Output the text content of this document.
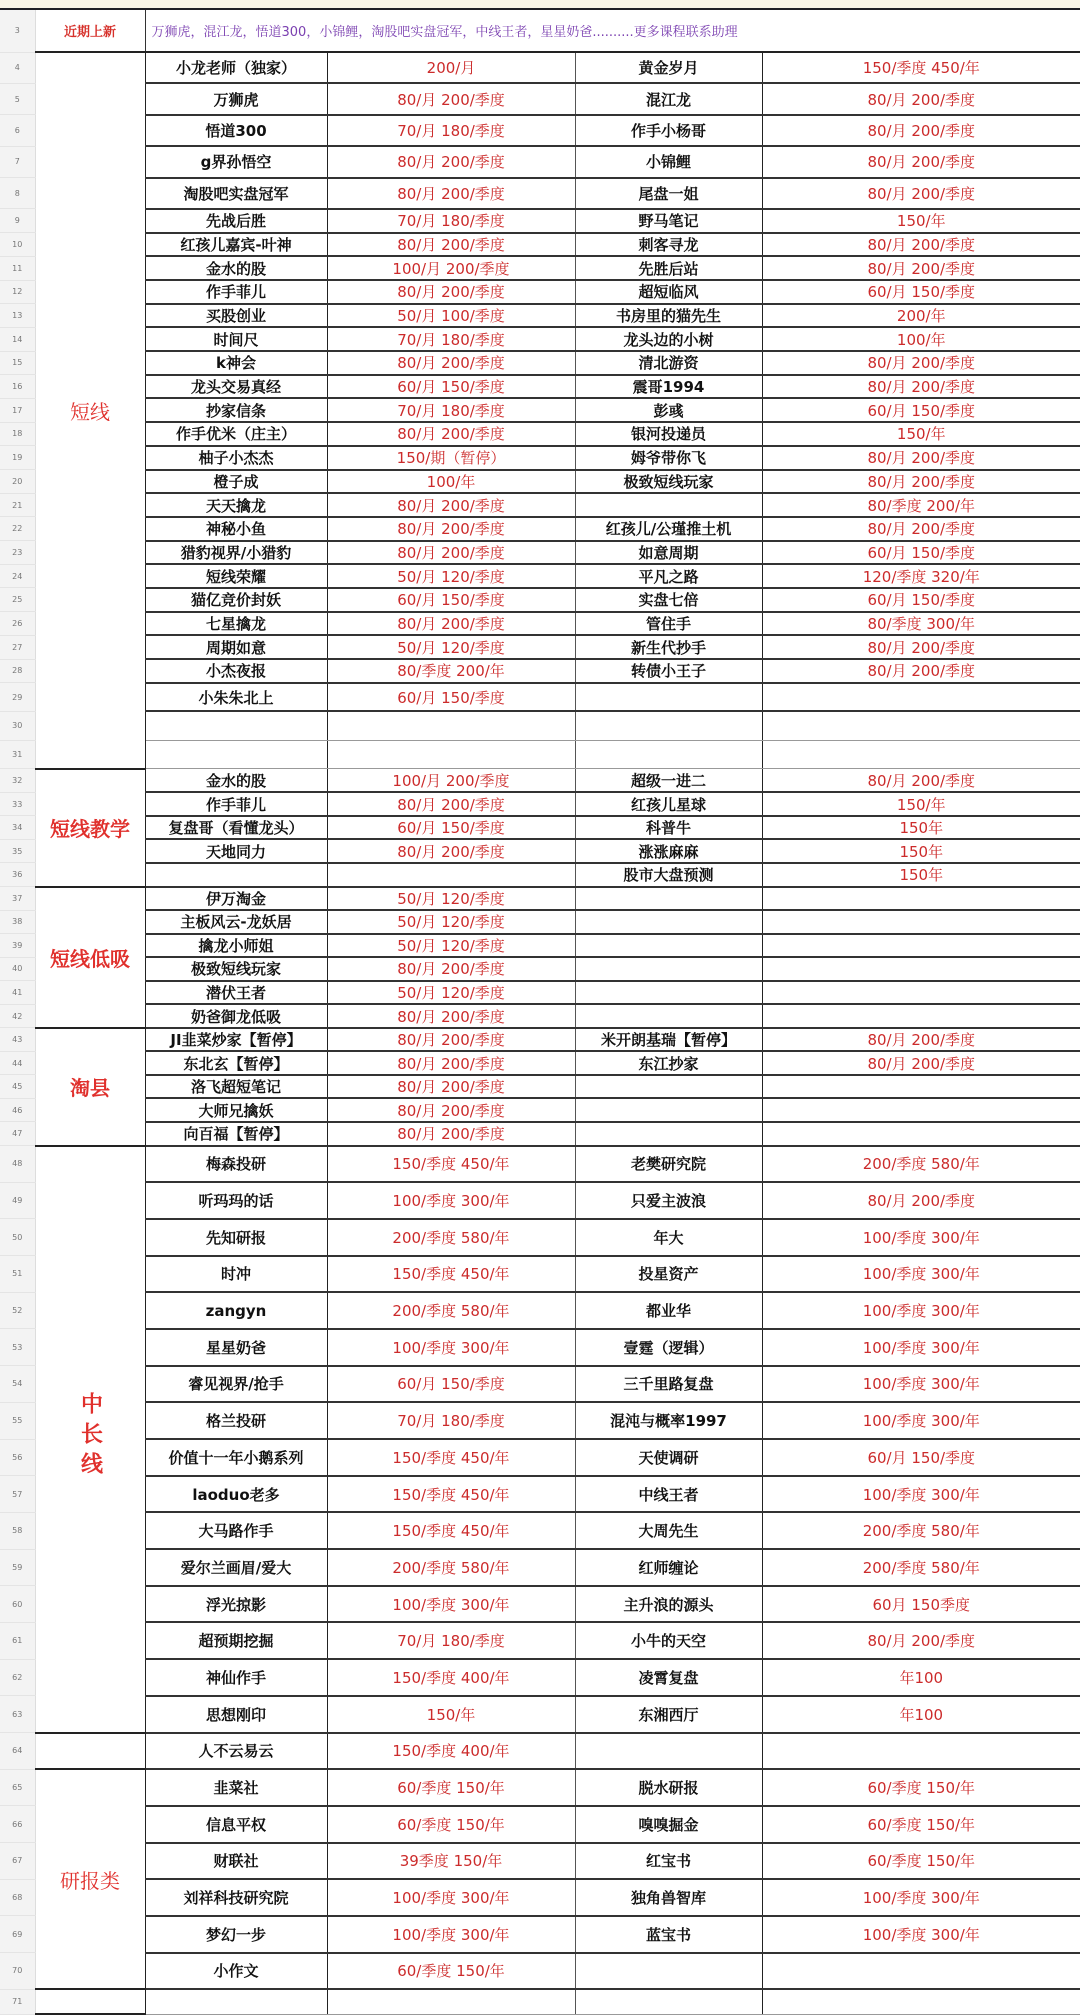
3	近期上新	万狮虎，混江龙，悟道300，小锦鲤，淘股吧实盘冠军，中线王者，星星奶爸..........更多课程联系助理			
4	短线	小龙老师（独家）	200/月	黄金岁月	150/季度 450/年
5		万狮虎	80/月 200/季度	混江龙	80/月 200/季度
6		悟道300	70/月 180/季度	作手小杨哥	80/月 200/季度
7		g界孙悟空	80/月 200/季度	小锦鲤	80/月 200/季度
8		淘股吧实盘冠军	80/月 200/季度	尾盘一姐	80/月 200/季度
9		先战后胜	70/月 180/季度	野马笔记	150/年
10		红孩儿嘉宾-叶神	80/月 200/季度	刺客寻龙	80/月 200/季度
11		金水的股	100/月 200/季度	先胜后站	80/月 200/季度
12		作手菲儿	80/月 200/季度	超短临风	60/月 150/季度
13		买股创业	50/月 100/季度	书房里的猫先生	200/年
14		时间尺	70/月 180/季度	龙头边的小树	100/年
15		k神会	80/月 200/季度	清北游资	80/月 200/季度
16		龙头交易真经	60/月 150/季度	震哥1994	80/月 200/季度
17		抄家信条	70/月 180/季度	彭彧	60/月 150/季度
18		作手优米（庄主）	80/月 200/季度	银河投递员	150/年
19		柚子小杰杰	150/期（暂停）	姆爷带你飞	80/月 200/季度
20		橙子成	100/年	极致短线玩家	80/月 200/季度
21		天天擒龙	80/月 200/季度		80/季度 200/年
22		神秘小鱼	80/月 200/季度	红孩儿/公瑾推土机	80/月 200/季度
23		猎豹视界/小猎豹	80/月 200/季度	如意周期	60/月 150/季度
24		短线荣耀	50/月 120/季度	平凡之路	120/季度 320/年
25		猫亿竞价封妖	60/月 150/季度	实盘七倍	60/月 150/季度
26		七星擒龙	80/月 200/季度	管住手	80/季度 300/年
27		周期如意	50/月 120/季度	新生代抄手	80/月 200/季度
28		小杰夜报	80/季度 200/年	转债小王子	80/月 200/季度
29		小朱朱北上	60/月 150/季度		
30					
31					
32	短线教学	金水的股	100/月 200/季度	超级一进二	80/月 200/季度
33		作手菲儿	80/月 200/季度	红孩儿星球	150/年
34		复盘哥（看懂龙头）	60/月 150/季度	科普牛	150年
35		天地同力	80/月 200/季度	涨涨麻麻	150年
36				股市大盘预测	150年
37	短线低吸	伊万淘金	50/月 120/季度		
38		主板风云-龙妖居	50/月 120/季度		
39		擒龙小师姐	50/月 120/季度		
40		极致短线玩家	80/月 200/季度		
41		潜伏王者	50/月 120/季度		
42		奶爸御龙低吸	80/月 200/季度		
43	淘县	JI韭菜炒家【暂停】	80/月 200/季度	米开朗基瑞【暂停】	80/月 200/季度
44		东北玄【暂停】	80/月 200/季度	东江抄家	80/月 200/季度
45		洛飞超短笔记	80/月 200/季度		
46		大师兄擒妖	80/月 200/季度		
47		向百福【暂停】	80/月 200/季度		
48	中长线	梅森投研	150/季度 450/年	老樊研究院	200/季度 580/年
49		听玛玛的话	100/季度 300/年	只爱主波浪	80/月 200/季度
50		先知研报	200/季度 580/年	年大	100/季度 300/年
51		时冲	150/季度 450/年	投星资产	100/季度 300/年
52		zangyn	200/季度 580/年	都业华	100/季度 300/年
53		星星奶爸	100/季度 300/年	壹霆（逻辑）	100/季度 300/年
54		睿见视界/抢手	60/月 150/季度	三千里路复盘	100/季度 300/年
55		格兰投研	70/月 180/季度	混沌与概率1997	100/季度 300/年
56		价值十一年小鹅系列	150/季度 450/年	天使调研	60/月 150/季度
57		laoduo老多	150/季度 450/年	中线王者	100/季度 300/年
58		大马路作手	150/季度 450/年	大周先生	200/季度 580/年
59		爱尔兰画眉/爱大	200/季度 580/年	红师缠论	200/季度 580/年
60		浮光掠影	100/季度 300/年	主升浪的源头	60月 150季度
61		超预期挖掘	70/月 180/季度	小牛的天空	80/月 200/季度
62		神仙作手	150/季度 400/年	凌霄复盘	年100
63		思想刚印	150/年	东湘西厅	年100
64		人不云易云	150/季度 400/年		
65	研报类	韭菜社	60/季度 150/年	脱水研报	60/季度 150/年
66		信息平权	60/季度 150/年	嗅嗅掘金	60/季度 150/年
67		财联社	39季度 150/年	红宝书	60/季度 150/年
68		刘祥科技研究院	100/季度 300/年	独角兽智库	100/季度 300/年
69		梦幻一步	100/季度 300/年	蓝宝书	100/季度 300/年
70		小作文	60/季度 150/年		
71					
